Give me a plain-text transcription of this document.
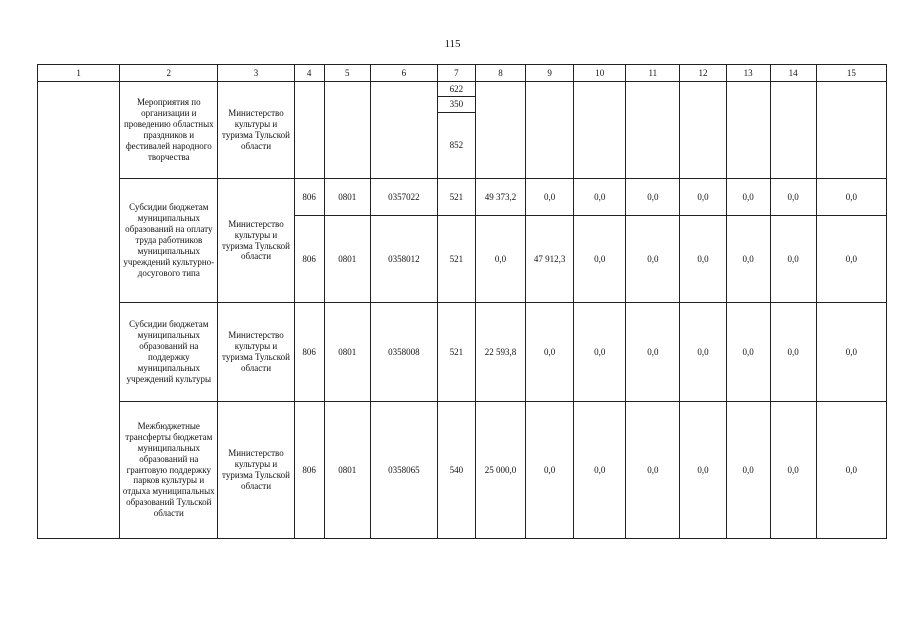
115
1	2	3	4	5	6	7	8	9	10	11	12	13	14	15
	Мероприятия по организации и проведению областных праздников и фестивалей народного творчества	Министерство культуры и туризма Тульской области				622								
						350								
						852								
	Субсидии бюджетам муниципальных образований на оплату труда работников муниципальных учреждений культурно-досугового типа	Министерство культуры и туризма Тульской области	806	0801	0357022	521	49 373,2	0,0	0,0	0,0	0,0	0,0	0,0	0,0
			806	0801	0358012	521	0,0	47 912,3	0,0	0,0	0,0	0,0	0,0	0,0
	Субсидии бюджетам муниципальных образований на поддержку муниципальных учреждений культуры	Министерство культуры и туризма Тульской области	806	0801	0358008	521	22 593,8	0,0	0,0	0,0	0,0	0,0	0,0	0,0
	Межбюджетные трансферты бюджетам муниципальных образований на грантовую поддержку парков культуры и отдыха муниципальных образований Тульской области	Министерство культуры и туризма Тульской области	806	0801	0358065	540	25 000,0	0,0	0,0	0,0	0,0	0,0	0,0	0,0
